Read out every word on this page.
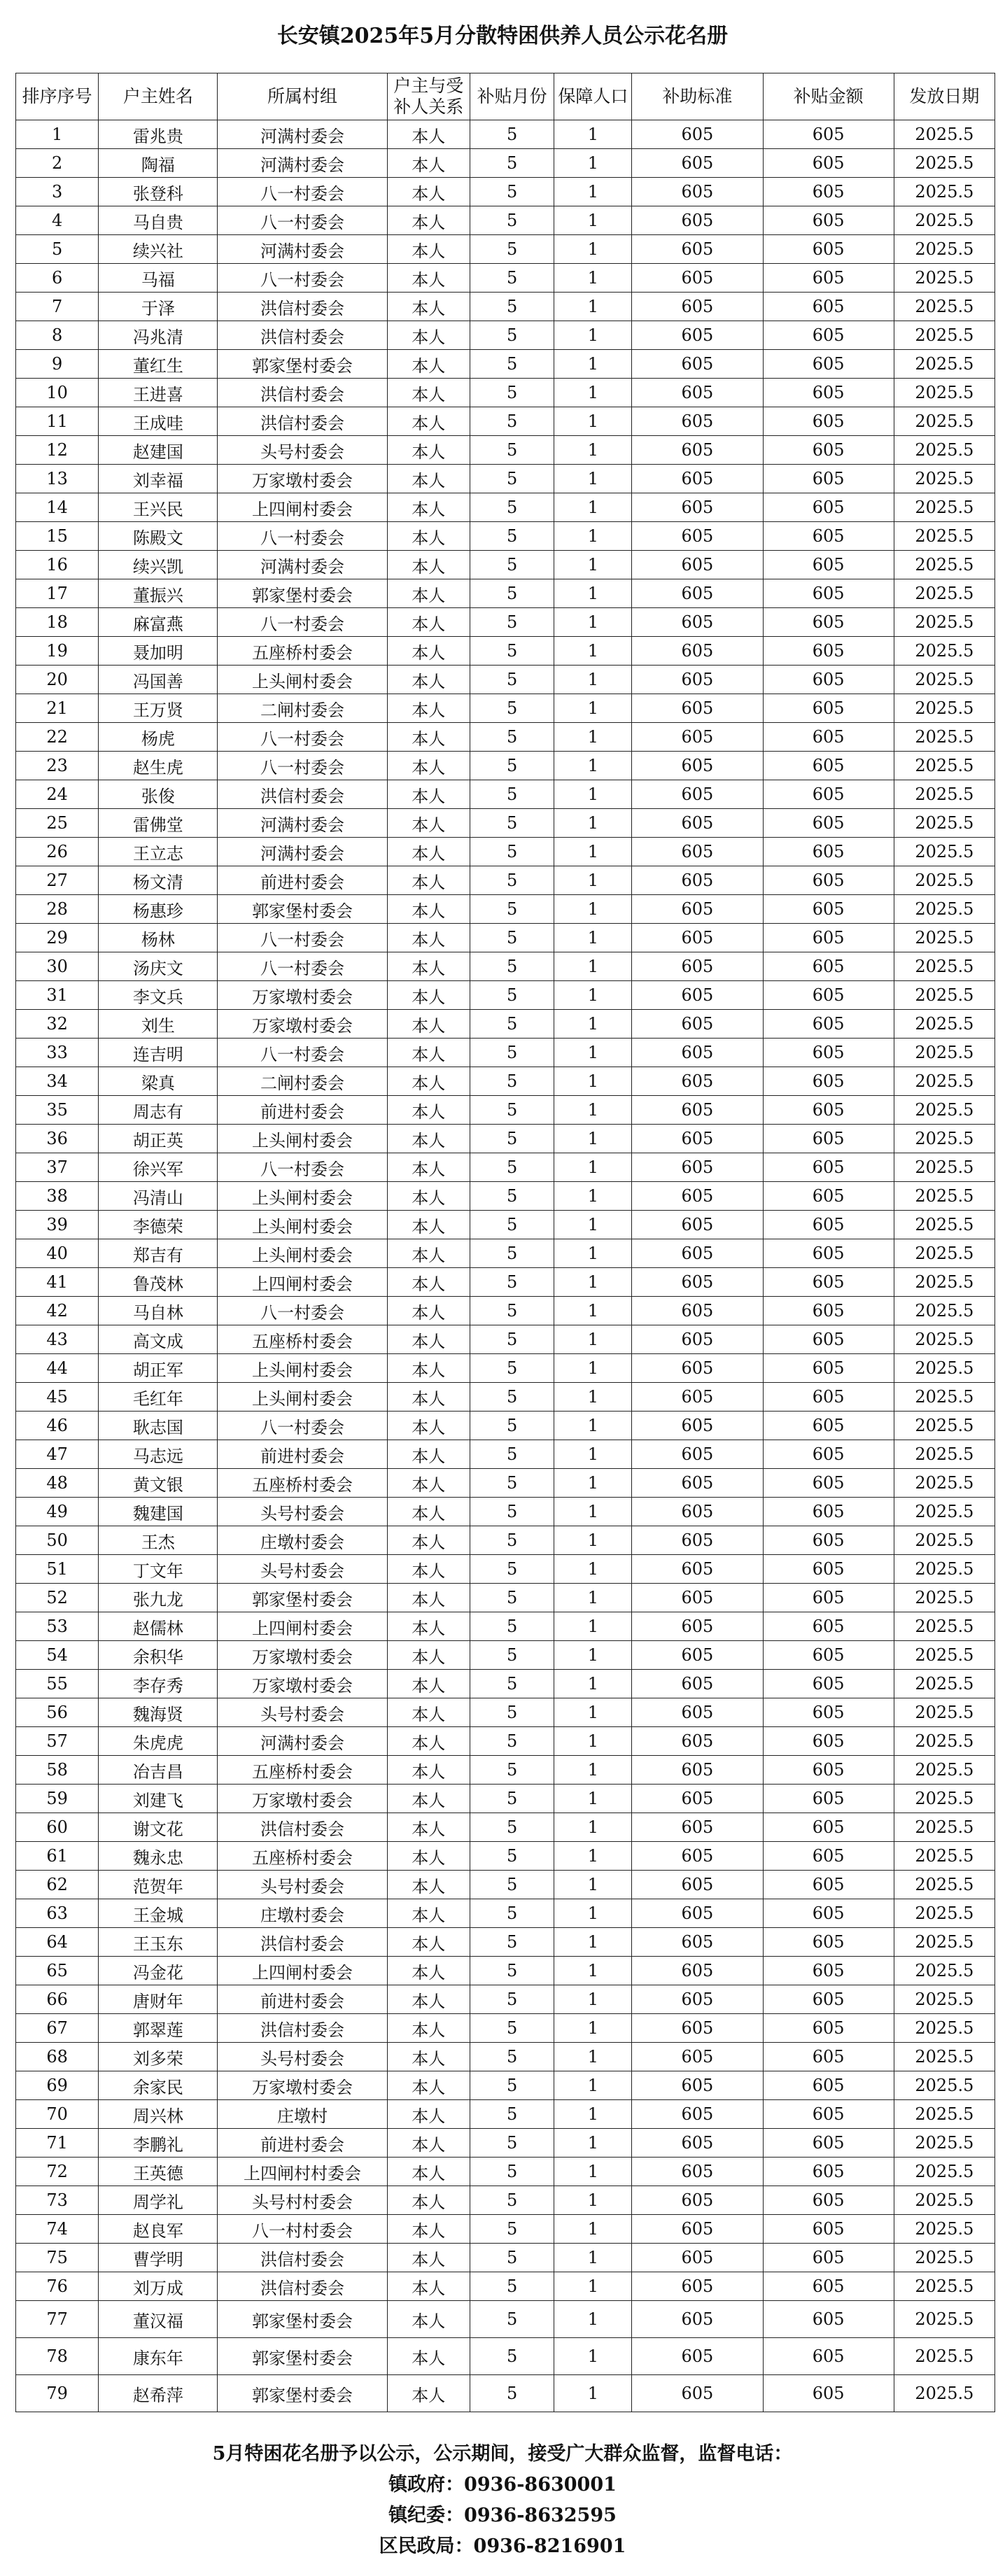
长安镇2025年5月分散特困供养人员公示花名册
排序序号	户主姓名	所属村组	户主与受补人关系	补贴月份	保障人口	补助标准	补贴金额	发放日期
1	雷兆贵	河满村委会	本人	5	1	605	605	2025.5
2	陶福	河满村委会	本人	5	1	605	605	2025.5
3	张登科	八一村委会	本人	5	1	605	605	2025.5
4	马自贵	八一村委会	本人	5	1	605	605	2025.5
5	续兴社	河满村委会	本人	5	1	605	605	2025.5
6	马福	八一村委会	本人	5	1	605	605	2025.5
7	于泽	洪信村委会	本人	5	1	605	605	2025.5
8	冯兆清	洪信村委会	本人	5	1	605	605	2025.5
9	董红生	郭家堡村委会	本人	5	1	605	605	2025.5
10	王进喜	洪信村委会	本人	5	1	605	605	2025.5
11	王成哇	洪信村委会	本人	5	1	605	605	2025.5
12	赵建国	头号村委会	本人	5	1	605	605	2025.5
13	刘幸福	万家墩村委会	本人	5	1	605	605	2025.5
14	王兴民	上四闸村委会	本人	5	1	605	605	2025.5
15	陈殿文	八一村委会	本人	5	1	605	605	2025.5
16	续兴凯	河满村委会	本人	5	1	605	605	2025.5
17	董振兴	郭家堡村委会	本人	5	1	605	605	2025.5
18	麻富燕	八一村委会	本人	5	1	605	605	2025.5
19	聂加明	五座桥村委会	本人	5	1	605	605	2025.5
20	冯国善	上头闸村委会	本人	5	1	605	605	2025.5
21	王万贤	二闸村委会	本人	5	1	605	605	2025.5
22	杨虎	八一村委会	本人	5	1	605	605	2025.5
23	赵生虎	八一村委会	本人	5	1	605	605	2025.5
24	张俊	洪信村委会	本人	5	1	605	605	2025.5
25	雷佛堂	河满村委会	本人	5	1	605	605	2025.5
26	王立志	河满村委会	本人	5	1	605	605	2025.5
27	杨文清	前进村委会	本人	5	1	605	605	2025.5
28	杨惠珍	郭家堡村委会	本人	5	1	605	605	2025.5
29	杨林	八一村委会	本人	5	1	605	605	2025.5
30	汤庆文	八一村委会	本人	5	1	605	605	2025.5
31	李文兵	万家墩村委会	本人	5	1	605	605	2025.5
32	刘生	万家墩村委会	本人	5	1	605	605	2025.5
33	连吉明	八一村委会	本人	5	1	605	605	2025.5
34	梁真	二闸村委会	本人	5	1	605	605	2025.5
35	周志有	前进村委会	本人	5	1	605	605	2025.5
36	胡正英	上头闸村委会	本人	5	1	605	605	2025.5
37	徐兴军	八一村委会	本人	5	1	605	605	2025.5
38	冯清山	上头闸村委会	本人	5	1	605	605	2025.5
39	李德荣	上头闸村委会	本人	5	1	605	605	2025.5
40	郑吉有	上头闸村委会	本人	5	1	605	605	2025.5
41	鲁茂林	上四闸村委会	本人	5	1	605	605	2025.5
42	马自林	八一村委会	本人	5	1	605	605	2025.5
43	高文成	五座桥村委会	本人	5	1	605	605	2025.5
44	胡正军	上头闸村委会	本人	5	1	605	605	2025.5
45	毛红年	上头闸村委会	本人	5	1	605	605	2025.5
46	耿志国	八一村委会	本人	5	1	605	605	2025.5
47	马志远	前进村委会	本人	5	1	605	605	2025.5
48	黄文银	五座桥村委会	本人	5	1	605	605	2025.5
49	魏建国	头号村委会	本人	5	1	605	605	2025.5
50	王杰	庄墩村委会	本人	5	1	605	605	2025.5
51	丁文年	头号村委会	本人	5	1	605	605	2025.5
52	张九龙	郭家堡村委会	本人	5	1	605	605	2025.5
53	赵儒林	上四闸村委会	本人	5	1	605	605	2025.5
54	余积华	万家墩村委会	本人	5	1	605	605	2025.5
55	李存秀	万家墩村委会	本人	5	1	605	605	2025.5
56	魏海贤	头号村委会	本人	5	1	605	605	2025.5
57	朱虎虎	河满村委会	本人	5	1	605	605	2025.5
58	冶吉昌	五座桥村委会	本人	5	1	605	605	2025.5
59	刘建飞	万家墩村委会	本人	5	1	605	605	2025.5
60	谢文花	洪信村委会	本人	5	1	605	605	2025.5
61	魏永忠	五座桥村委会	本人	5	1	605	605	2025.5
62	范贺年	头号村委会	本人	5	1	605	605	2025.5
63	王金城	庄墩村委会	本人	5	1	605	605	2025.5
64	王玉东	洪信村委会	本人	5	1	605	605	2025.5
65	冯金花	上四闸村委会	本人	5	1	605	605	2025.5
66	唐财年	前进村委会	本人	5	1	605	605	2025.5
67	郭翠莲	洪信村委会	本人	5	1	605	605	2025.5
68	刘多荣	头号村委会	本人	5	1	605	605	2025.5
69	余家民	万家墩村委会	本人	5	1	605	605	2025.5
70	周兴林	庄墩村	本人	5	1	605	605	2025.5
71	李鹏礼	前进村委会	本人	5	1	605	605	2025.5
72	王英德	上四闸村村委会	本人	5	1	605	605	2025.5
73	周学礼	头号村村委会	本人	5	1	605	605	2025.5
74	赵良军	八一村村委会	本人	5	1	605	605	2025.5
75	曹学明	洪信村委会	本人	5	1	605	605	2025.5
76	刘万成	洪信村委会	本人	5	1	605	605	2025.5
77	董汉福	郭家堡村委会	本人	5	1	605	605	2025.5
78	康东年	郭家堡村委会	本人	5	1	605	605	2025.5
79	赵希萍	郭家堡村委会	本人	5	1	605	605	2025.5
5月特困花名册予以公示，公示期间，接受广大群众监督，监督电话：
镇政府：0936-8630001
镇纪委：0936-8632595
区民政局：0936-8216901
